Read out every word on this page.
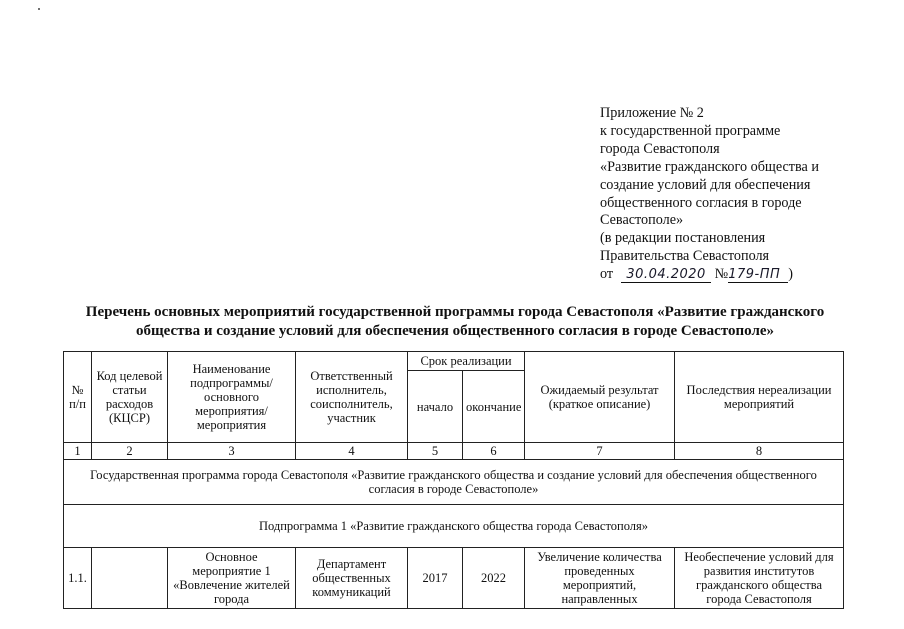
Приложение № 2
к государственной программе
города Севастополя
«Развитие гражданского общества и
создание условий для обеспечения
общественного согласия в городе
Севастополе»
(в редакции постановления
Правительства Севастополя
от 30.04.2020 №179-ПП )
Перечень основных мероприятий государственной программы города Севастополя «Развитие гражданского общества и создание условий для обеспечения общественного согласия в городе Севастополе»
№ п/п	Код целевой статьи расходов (КЦСР)	Наименование подпрограммы/ основного мероприятия/ мероприятия	Ответственный исполнитель, соисполнитель, участник	Срок реализации		Ожидаемый результат (краткое описание)	Последствия нереализации мероприятий
				начало	окончание		
1	2	3	4	5	6	7	8
Государственная программа города Севастополя «Развитие гражданского общества и создание условий для обеспечения общественного согласия в городе Севастополе»							
Подпрограмма 1 «Развитие гражданского общества города Севастополя»							
1.1.		Основное мероприятие 1 «Вовлечение жителей города	Департамент общественных коммуникаций	2017	2022	Увеличение количества проведенных мероприятий, направленных	Необеспечение условий для развития институтов гражданского общества города Севастополя
